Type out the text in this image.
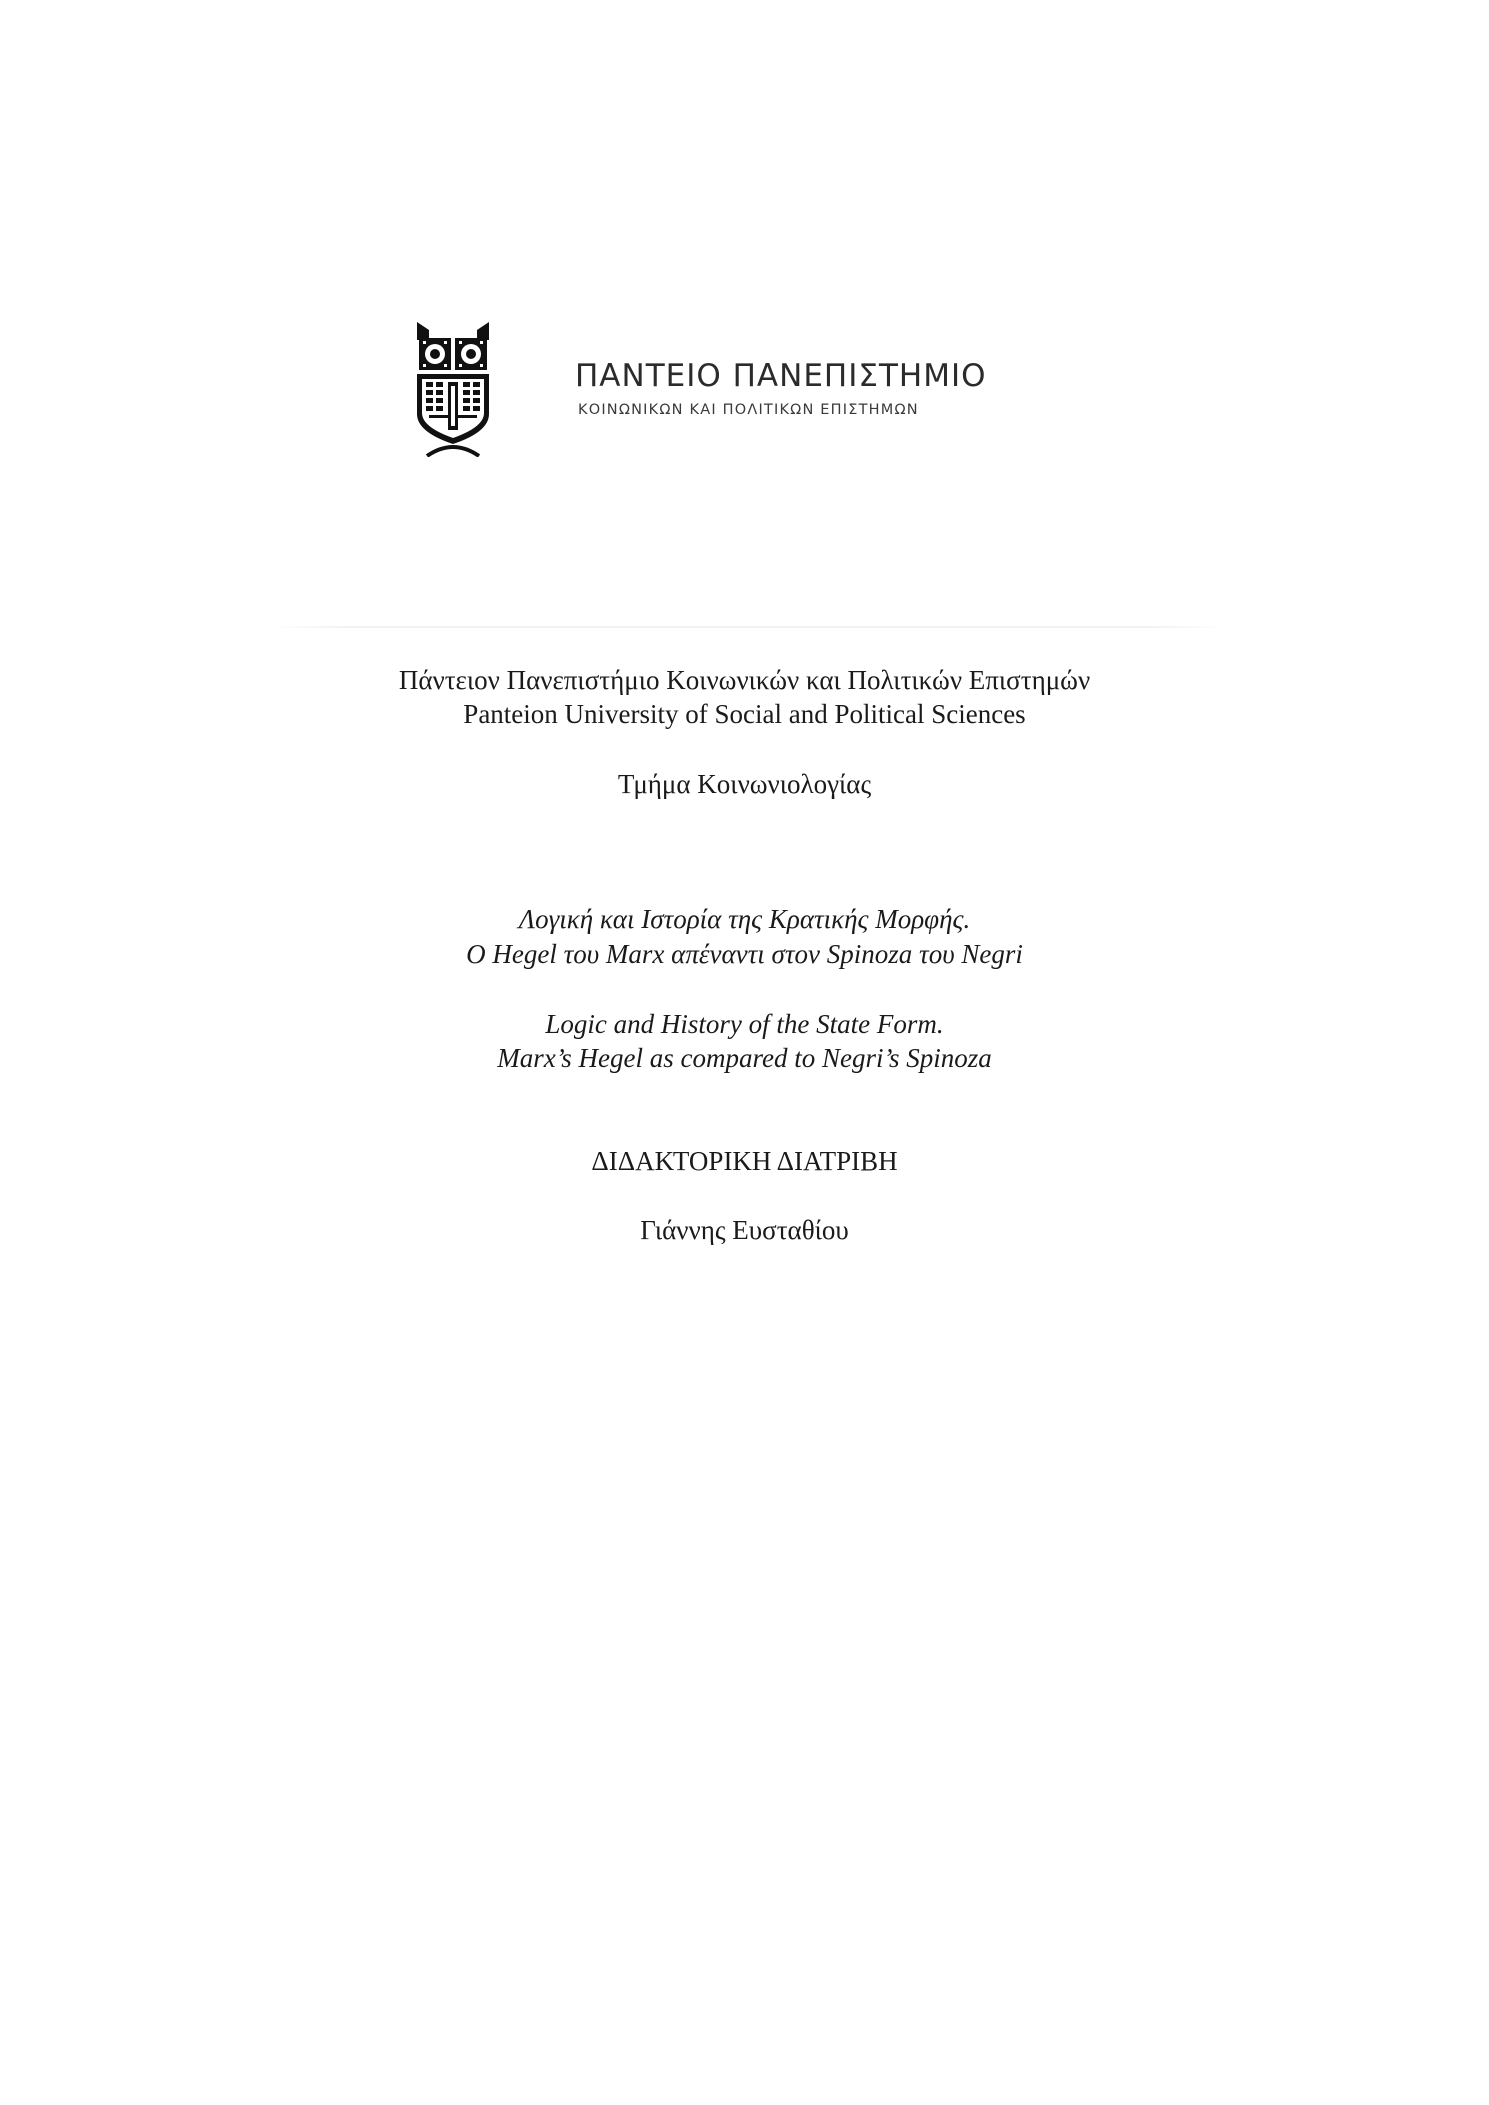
ΠΑΝΤΕΙΟ ΠΑΝΕΠΙΣΤΗΜΙΟ
ΚΟΙΝΩΝΙΚΩΝ ΚΑΙ ΠΟΛΙΤΙΚΩΝ ΕΠΙΣΤΗΜΩΝ
Πάντειον Πανεπιστήμιο Κοινωνικών και Πολιτικών Επιστημών
Panteion University of Social and Political Sciences
Τμήμα Κοινωνιολογίας
Λογική και Ιστορία της Κρατικής Μορφής.
Ο Hegel του Marx απέναντι στον Spinoza του Negri
Logic and History of the State Form.
Marx’s Hegel as compared to Negri’s Spinoza
ΔΙΔΑΚΤΟΡΙΚΗ ΔΙΑΤΡΙΒΗ
Γιάννης Ευσταθίου
